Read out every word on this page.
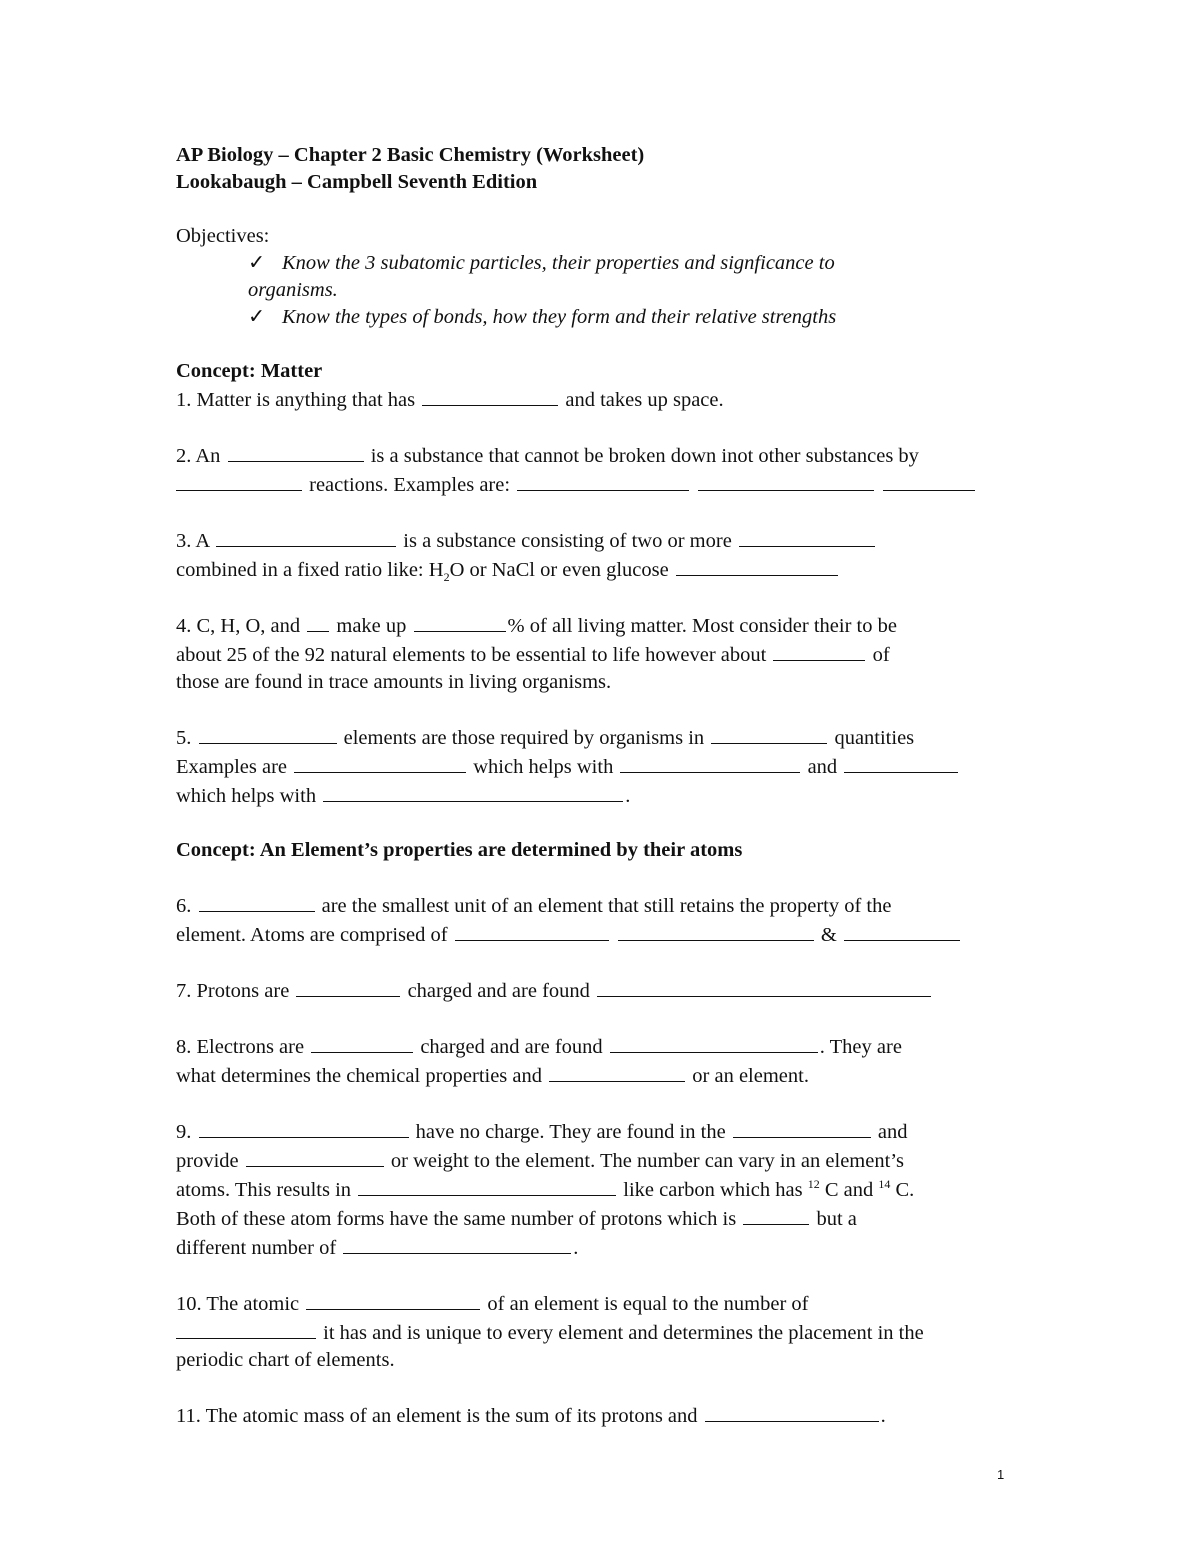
AP Biology – Chapter 2 Basic Chemistry (Worksheet)
Lookabaugh – Campbell Seventh Edition
Objectives:
✓ Know the 3 subatomic particles, their properties and signficance to
organisms.
✓ Know the types of bonds, how they form and their relative strengths
Concept: Matter
1. Matter is anything that has	and takes up space.
2. An	is a substance that cannot be broken down inot other substances by
reactions. Examples are:
3. A	is a substance consisting of two or more
combined in a fixed ratio like: $H_2O$ or NaCl or even glucose
4. C, H, O, and make up	% of all living matter. Most consider their to be
about 25 of the 92 natural elements to be essential to life however about	of
those are found in trace amounts in living organisms.
5.	elements are those required by organisms in	quantities
Examples are	which helps with	and
which helps with	.
Concept: An Element’s properties are determined by their atoms
6.	are the smallest unit of an element that still retains the property of the
element. Atoms are comprised of	&
7. Protons are	charged and are found
8. Electrons are	charged and are found	. They are
what determines the chemical properties and	or an element.
9.	have no charge. They are found in the	and
provide	or weight to the element. The number can vary in an element’s
atoms. This results in	like carbon which has $^{12}$ C and $^{14}$ C.
Both of these atom forms have the same number of protons which is	but a
different number of	.
10. The atomic	of an element is equal to the number of
it has and is unique to every element and determines the placement in the
periodic chart of elements.
11. The atomic mass of an element is the sum of its protons and	.
1
